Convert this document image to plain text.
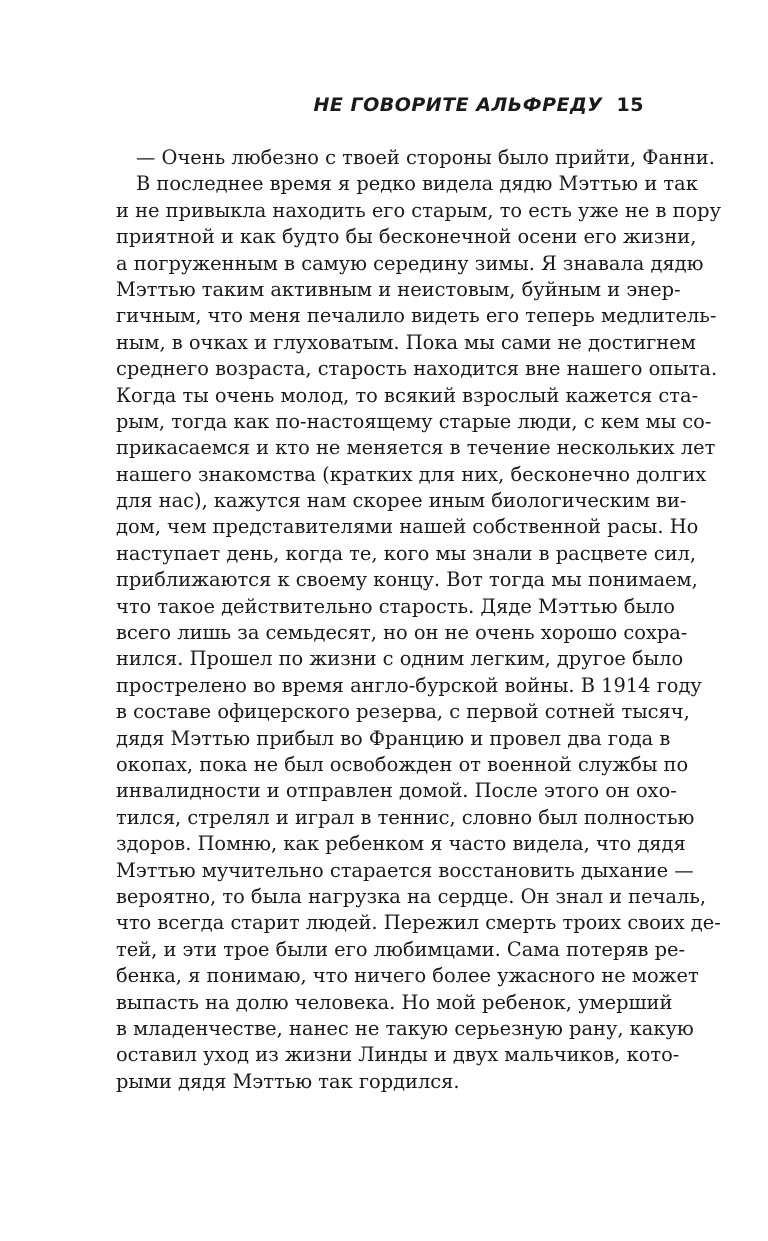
НЕ ГОВОРИТЕ АЛЬФРЕДУ 15
— Очень любезно с твоей стороны было прийти, Фанни.
В последнее время я редко видела дядю Мэттью и так
и не привыкла находить его старым, то есть уже не в пору
приятной и как будто бы бесконечной осени его жизни,
а погруженным в самую середину зимы. Я знавала дядю
Мэттью таким активным и неистовым, буйным и энер-
гичным, что меня печалило видеть его теперь медлитель-
ным, в очках и глуховатым. Пока мы сами не достигнем
среднего возраста, старость находится вне нашего опыта.
Когда ты очень молод, то всякий взрослый кажется ста-
рым, тогда как по-настоящему старые люди, с кем мы со-
прикасаемся и кто не меняется в течение нескольких лет
нашего знакомства (кратких для них, бесконечно долгих
для нас), кажутся нам скорее иным биологическим ви-
дом, чем представителями нашей собственной расы. Но
наступает день, когда те, кого мы знали в расцвете сил,
приближаются к своему концу. Вот тогда мы понимаем,
что такое действительно старость. Дяде Мэттью было
всего лишь за семьдесят, но он не очень хорошо сохра-
нился. Прошел по жизни с одним легким, другое было
прострелено во время англо-бурской войны. В 1914 году
в составе офицерского резерва, с первой сотней тысяч,
дядя Мэттью прибыл во Францию и провел два года в
окопах, пока не был освобожден от военной службы по
инвалидности и отправлен домой. После этого он охо-
тился, стрелял и играл в теннис, словно был полностью
здоров. Помню, как ребенком я часто видела, что дядя
Мэттью мучительно старается восстановить дыхание —
вероятно, то была нагрузка на сердце. Он знал и печаль,
что всегда старит людей. Пережил смерть троих своих де-
тей, и эти трое были его любимцами. Сама потеряв ре-
бенка, я понимаю, что ничего более ужасного не может
выпасть на долю человека. Но мой ребенок, умерший
в младенчестве, нанес не такую серьезную рану, какую
оставил уход из жизни Линды и двух мальчиков, кото-
рыми дядя Мэттью так гордился.
